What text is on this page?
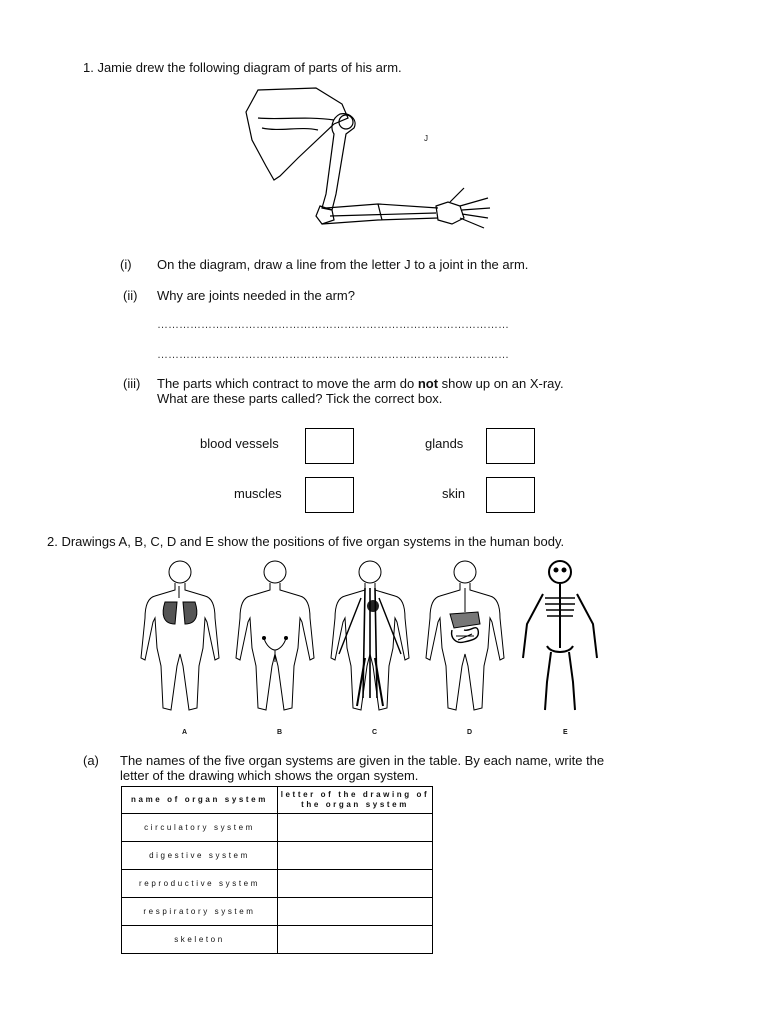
1. Jamie drew the following diagram of parts of his arm.
J
(i) On the diagram, draw a line from the letter J to a joint in the arm.
(ii) Why are joints needed in the arm?
……………………………………………………………………………………
……………………………………………………………………………………
(iii) The parts which contract to move the arm do not show up on an X-ray.
What are these parts called? Tick the correct box.
blood vessels	glands
muscles	skin
2. Drawings A, B, C, D and E show the positions of five organ systems in the human body.
A	B	C	D	E
(a) The names of the five organ systems are given in the table. By each name, write the
letter of the drawing which shows the organ system.
name of organ system	letter of the drawing of
the organ system
circulatory system	
digestive system	
reproductive system	
respiratory system	
skeleton	
